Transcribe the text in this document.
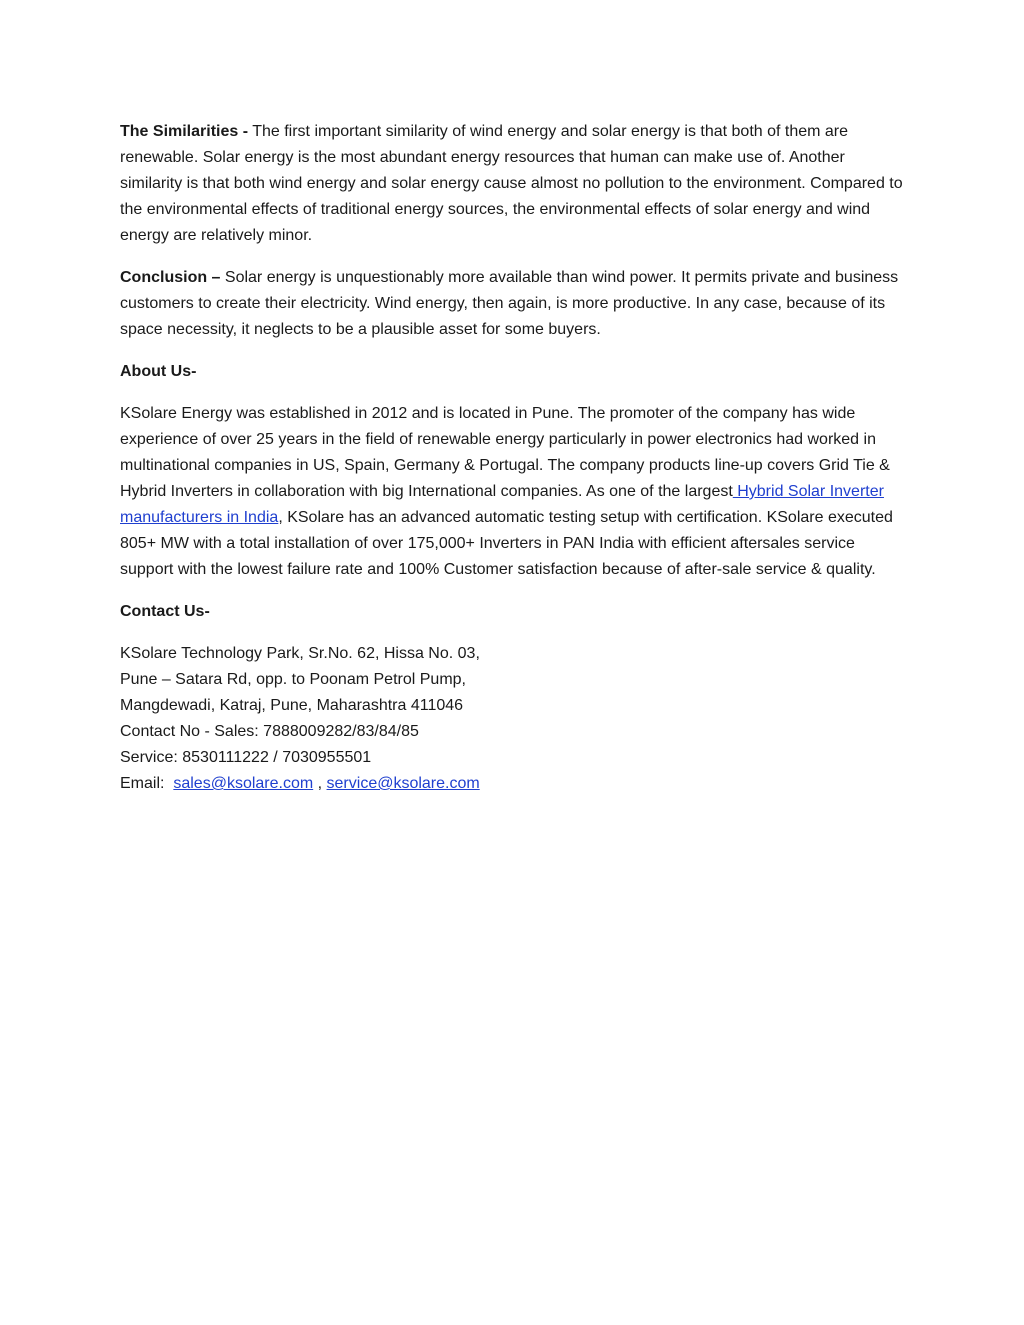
The Similarities - The first important similarity of wind energy and solar energy is that both of them are renewable. Solar energy is the most abundant energy resources that human can make use of. Another similarity is that both wind energy and solar energy cause almost no pollution to the environment. Compared to the environmental effects of traditional energy sources, the environmental effects of solar energy and wind energy are relatively minor.

Conclusion – Solar energy is unquestionably more available than wind power. It permits private and business customers to create their electricity. Wind energy, then again, is more productive. In any case, because of its space necessity, it neglects to be a plausible asset for some buyers.

About Us-

KSolare Energy was established in 2012 and is located in Pune. The promoter of the company has wide experience of over 25 years in the field of renewable energy particularly in power electronics had worked in multinational companies in US, Spain, Germany & Portugal. The company products line-up covers Grid Tie & Hybrid Inverters in collaboration with big International companies. As one of the largest Hybrid Solar Inverter manufacturers in India, KSolare has an advanced automatic testing setup with certification. KSolare executed 805+ MW with a total installation of over 175,000+ Inverters in PAN India with efficient aftersales service support with the lowest failure rate and 100% Customer satisfaction because of after-sale service & quality.

Contact Us-

KSolare Technology Park, Sr.No. 62, Hissa No. 03,

Pune – Satara Rd, opp. to Poonam Petrol Pump,

Mangdewadi, Katraj, Pune, Maharashtra 411046

Contact No - Sales: 7888009282/83/84/85

Service: 8530111222 / 7030955501

Email:  sales@ksolare.com , service@ksolare.com
